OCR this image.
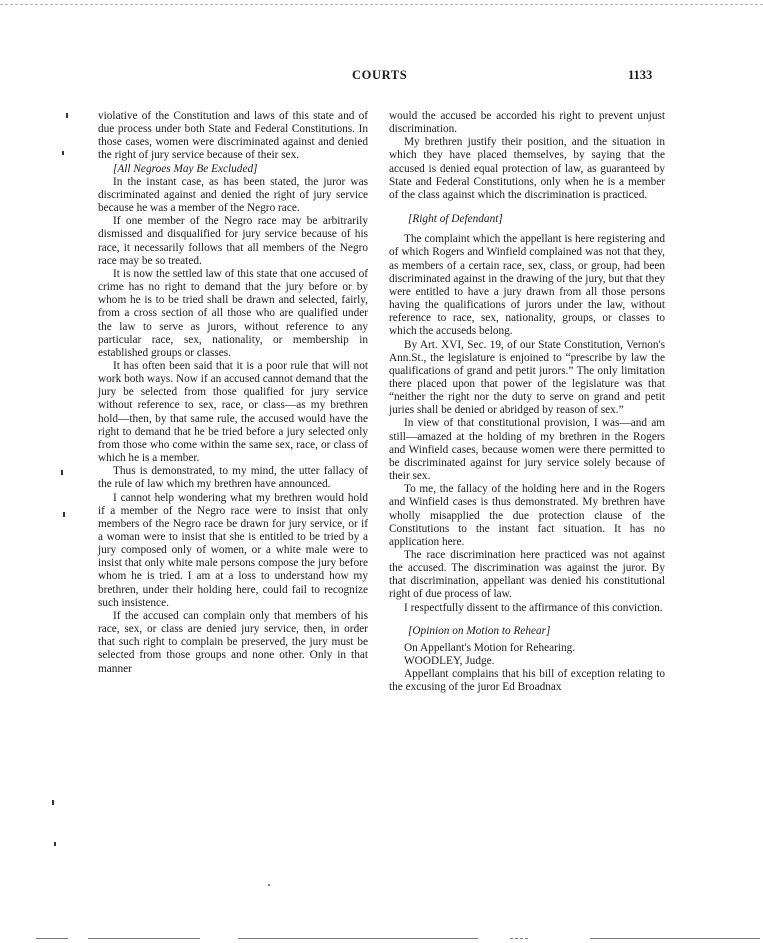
COURTS	1133

violative of the Constitution and laws of this state and of due process under both State and Federal Constitutions. In those cases, women were discriminated against and denied the right of jury service because of their sex.

[All Negroes May Be Excluded]

In the instant case, as has been stated, the juror was discriminated against and denied the right of jury service because he was a member of the Negro race.

If one member of the Negro race may be arbitrarily dismissed and disqualified for jury service because of his race, it necessarily follows that all members of the Negro race may be so treated.

It is now the settled law of this state that one accused of crime has no right to demand that the jury before or by whom he is to be tried shall be drawn and selected, fairly, from a cross section of all those who are qualified under the law to serve as jurors, without reference to any particular race, sex, nationality, or membership in established groups or classes.

It has often been said that it is a poor rule that will not work both ways. Now if an accused cannot demand that the jury be selected from those qualified for jury service without reference to sex, race, or class—as my brethren hold—then, by that same rule, the accused would have the right to demand that he be tried before a jury selected only from those who come within the same sex, race, or class of which he is a member.

Thus is demonstrated, to my mind, the utter fallacy of the rule of law which my brethren have announced.

I cannot help wondering what my brethren would hold if a member of the Negro race were to insist that only members of the Negro race be drawn for jury service, or if a woman were to insist that she is entitled to be tried by a jury composed only of women, or a white male were to insist that only white male persons compose the jury before whom he is tried. I am at a loss to understand how my brethren, under their holding here, could fail to recognize such insistence.

If the accused can complain only that members of his race, sex, or class are denied jury service, then, in order that such right to complain be preserved, the jury must be selected from those groups and none other. Only in that manner

would the accused be accorded his right to prevent unjust discrimination.

My brethren justify their position, and the situation in which they have placed themselves, by saying that the accused is denied equal protection of law, as guaranteed by State and Federal Constitutions, only when he is a member of the class against which the discrimination is practiced.

[Right of Defendant]

The complaint which the appellant is here registering and of which Rogers and Winfield complained was not that they, as members of a certain race, sex, class, or group, had been discriminated against in the drawing of the jury, but that they were entitled to have a jury drawn from all those persons having the qualifications of jurors under the law, without reference to race, sex, nationality, groups, or classes to which the accuseds belong.

By Art. XVI, Sec. 19, of our State Constitution, Vernon's Ann.St., the legislature is enjoined to “prescribe by law the qualifications of grand and petit jurors.” The only limitation there placed upon that power of the legislature was that “neither the right nor the duty to serve on grand and petit juries shall be denied or abridged by reason of sex.”

In view of that constitutional provision, I was—and am still—amazed at the holding of my brethren in the Rogers and Winfield cases, because women were there permitted to be discriminated against for jury service solely because of their sex.

To me, the fallacy of the holding here and in the Rogers and Winfield cases is thus demonstrated. My brethren have wholly misapplied the due protection clause of the Constitutions to the instant fact situation. It has no application here.

The race discrimination here practiced was not against the accused. The discrimination was against the juror. By that discrimination, appellant was denied his constitutional right of due process of law.

I respectfully dissent to the affirmance of this conviction.

[Opinion on Motion to Rehear]

On Appellant's Motion for Rehearing.

WOODLEY, Judge.

Appellant complains that his bill of exception relating to the excusing of the juror Ed Broadnax
